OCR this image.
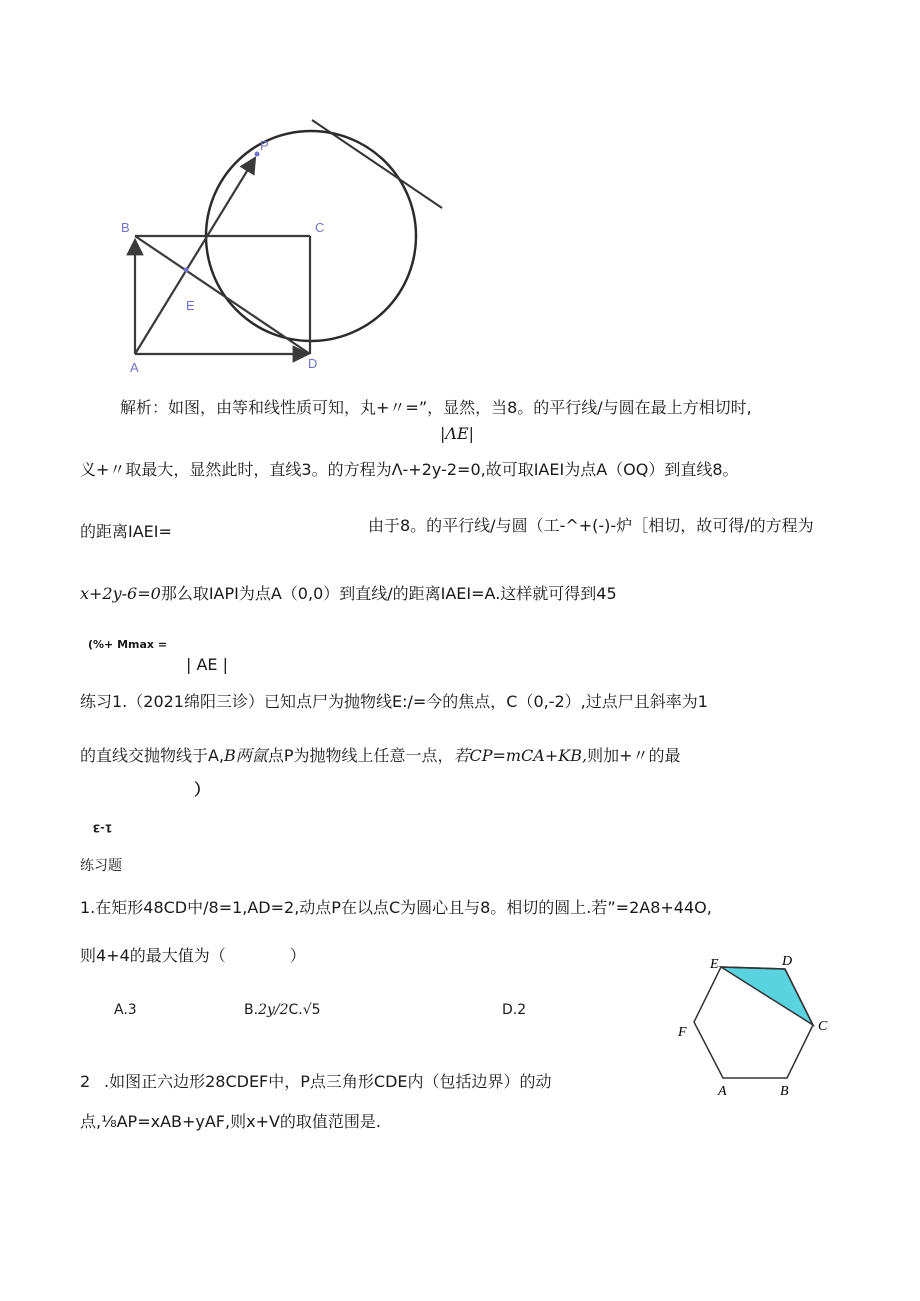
P
B	C
E
A	D
解析：如图，由等和线性质可知，丸+〃=”，显然，当8。的平行线/与圆在最上方相切时,
|ΛE|
义+〃取最大，显然此时，直线3。的方程为Λ-+2y-2=0,故可取IAEI为点A（OQ）到直线8。
的距离IAEI=	由于8。的平行线/与圆（工-^+(-)-炉［相切，故可得/的方程为
x+2y-6=0那么取IAPI为点A（0,0）到直线/的距离IAEI=A.这样就可得到45
(%+ Mmax =
| AE |
练习1.（2021绵阳三诊）已知点尸为抛物线E:/=今的焦点，C（0,-2）,过点尸且斜率为1
的直线交抛物线于A,B两氤点P为抛物线上任意一点，若CP=mCA+KB,则加+〃的最
）
1-3
练习题
1.在矩形48CD中/8=1,AD=2,动点P在以点C为圆心且与8。相切的圆上.若”=2A8+44O,
则4+4的最大值为（　　　　）
A.3	B.2y/2C.√5	D.2
2 .如图正六边形28CDEF中，P点三角形CDE内（包括边界）的动
点,⅛AP=xAB+yAF,则x+V的取值范围是.
E	D
C
F
A	B
